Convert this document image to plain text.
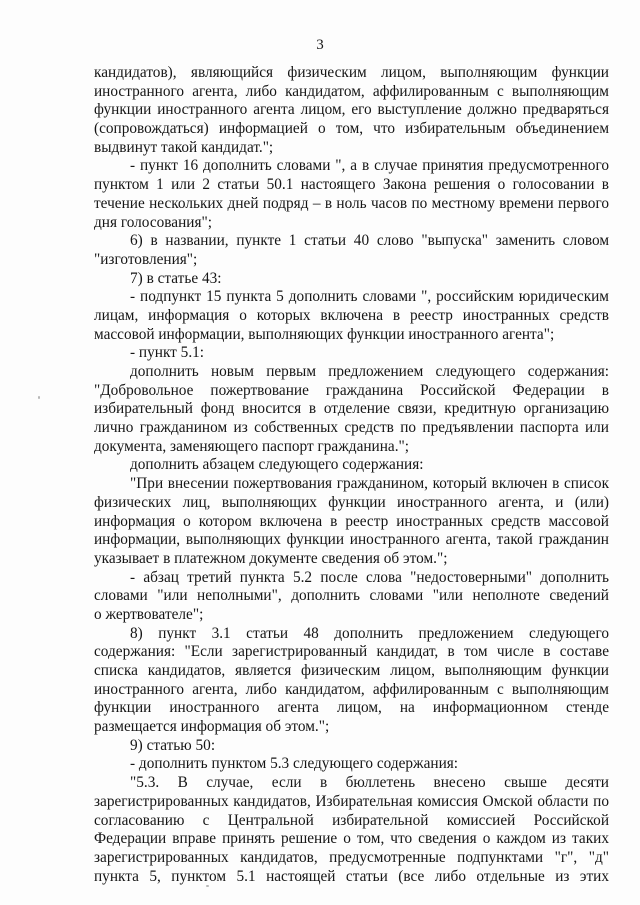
3
кандидатов), являющийся физическим лицом, выполняющим функции
иностранного агента, либо кандидатом, аффилированным с выполняющим
функции иностранного агента лицом, его выступление должно предваряться
(сопровождаться) информацией о том, что избирательным объединением
выдвинут такой кандидат.";
- пункт 16 дополнить словами ", а в случае принятия предусмотренного
пунктом 1 или 2 статьи 50.1 настоящего Закона решения о голосовании в
течение нескольких дней подряд – в ноль часов по местному времени первого
дня голосования";
6) в названии, пункте 1 статьи 40 слово "выпуска" заменить словом
"изготовления";
7) в статье 43:
- подпункт 15 пункта 5 дополнить словами ", российским юридическим
лицам, информация о которых включена в реестр иностранных средств
массовой информации, выполняющих функции иностранного агента";
- пункт 5.1:
дополнить новым первым предложением следующего содержания:
"Добровольное пожертвование гражданина Российской Федерации в
избирательный фонд вносится в отделение связи, кредитную организацию
лично гражданином из собственных средств по предъявлении паспорта или
документа, заменяющего паспорт гражданина.";
дополнить абзацем следующего содержания:
"При внесении пожертвования гражданином, который включен в список
физических лиц, выполняющих функции иностранного агента, и (или)
информация о котором включена в реестр иностранных средств массовой
информации, выполняющих функции иностранного агента, такой гражданин
указывает в платежном документе сведения об этом.";
- абзац третий пункта 5.2 после слова "недостоверными" дополнить
словами "или неполными", дополнить словами "или неполноте сведений
о жертвователе";
8) пункт 3.1 статьи 48 дополнить предложением следующего
содержания: "Если зарегистрированный кандидат, в том числе в составе
списка кандидатов, является физическим лицом, выполняющим функции
иностранного агента, либо кандидатом, аффилированным с выполняющим
функции иностранного агента лицом, на информационном стенде
размещается информация об этом.";
9) статью 50:
- дополнить пунктом 5.3 следующего содержания:
"5.3. В случае, если в бюллетень внесено свыше десяти
зарегистрированных кандидатов, Избирательная комиссия Омской области по
согласованию с Центральной избирательной комиссией Российской
Федерации вправе принять решение о том, что сведения о каждом из таких
зарегистрированных кандидатов, предусмотренные подпунктами "г", "д"
пункта 5, пунктом 5.1 настоящей статьи (все либо отдельные из этих
